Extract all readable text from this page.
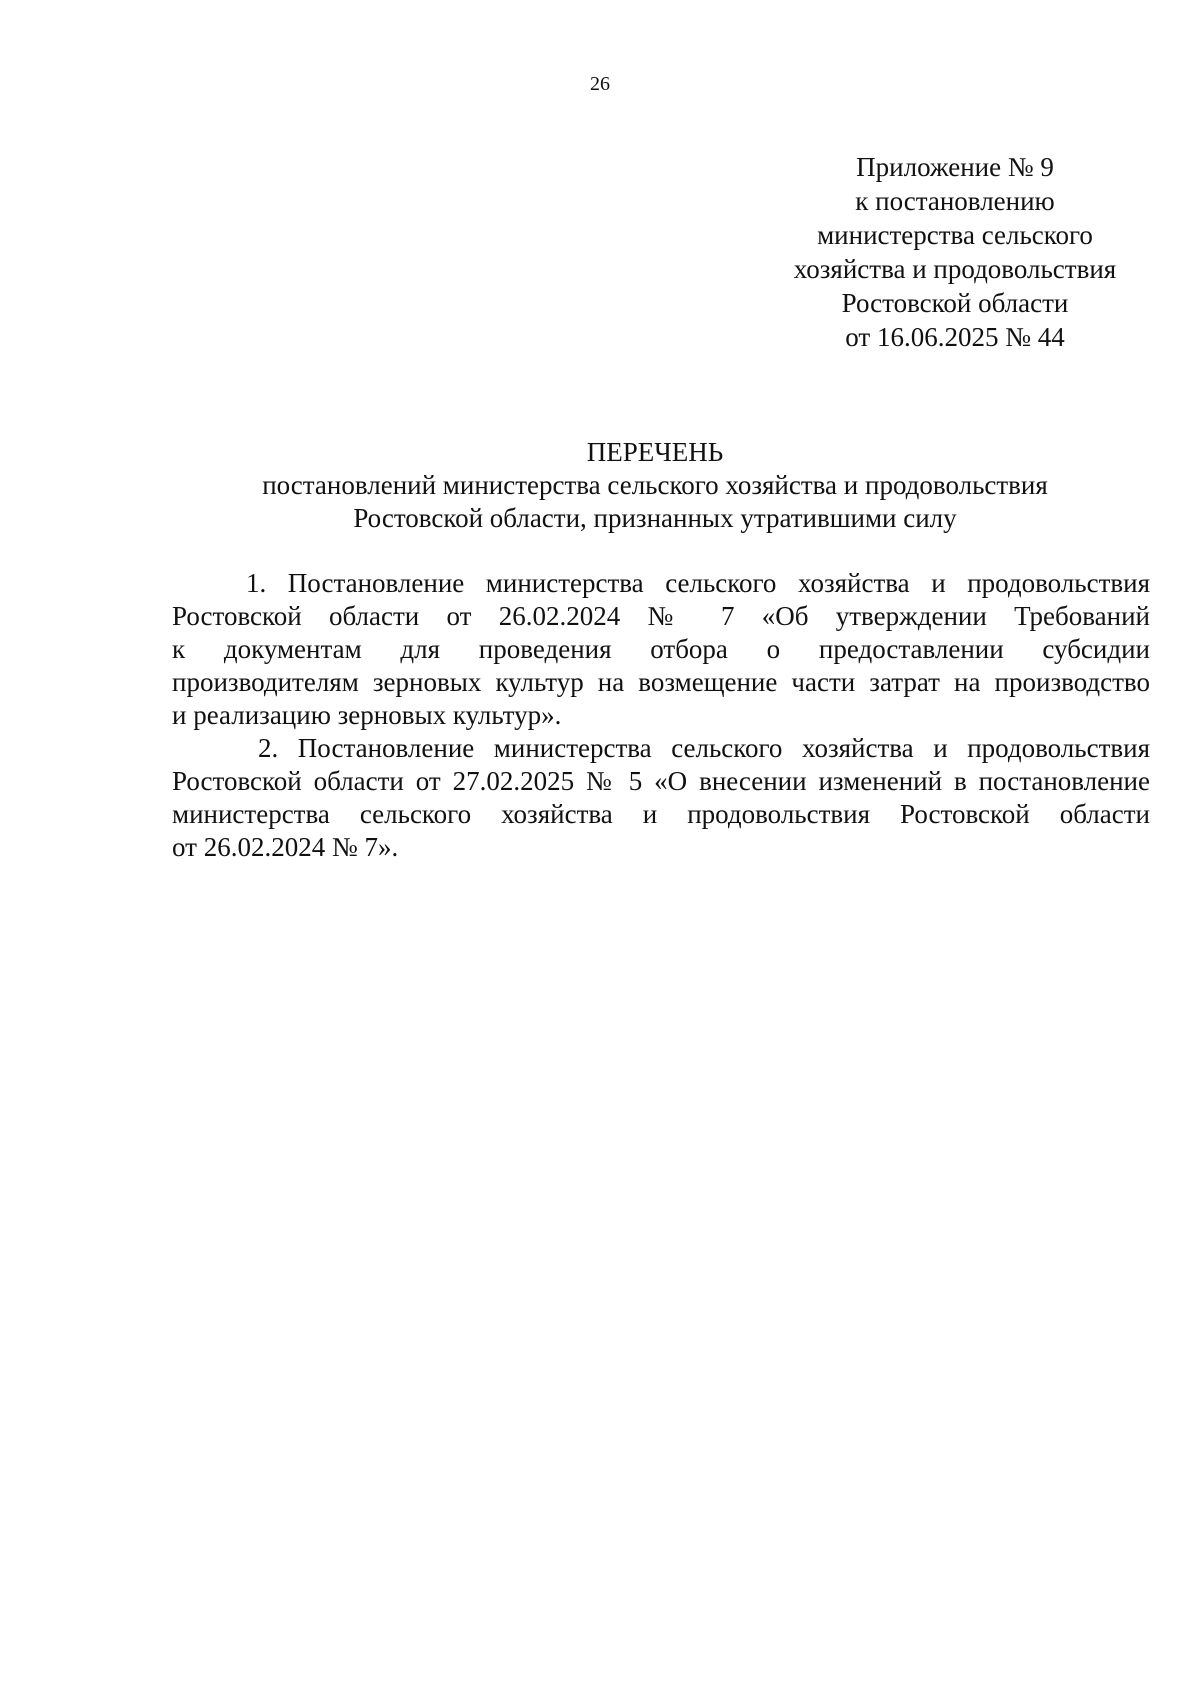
26
Приложение № 9
к постановлению
министерства сельского
хозяйства и продовольствия
Ростовской области
от 16.06.2025 № 44
ПЕРЕЧЕНЬ
постановлений министерства сельского хозяйства и продовольствия
Ростовской области, признанных утратившими силу

1. Постановление министерства сельского хозяйства и продовольствия
Ростовской области от 26.02.2024 № 7 «Об утверждении Требований
к документам для проведения отбора о предоставлении субсидии
производителям зерновых культур на возмещение части затрат на производство
и реализацию зерновых культур».

2. Постановление министерства сельского хозяйства и продовольствия
Ростовской области от 27.02.2025 № 5 «О внесении изменений в постановление
министерства сельского хозяйства и продовольствия Ростовской области
от 26.02.2024 № 7».
